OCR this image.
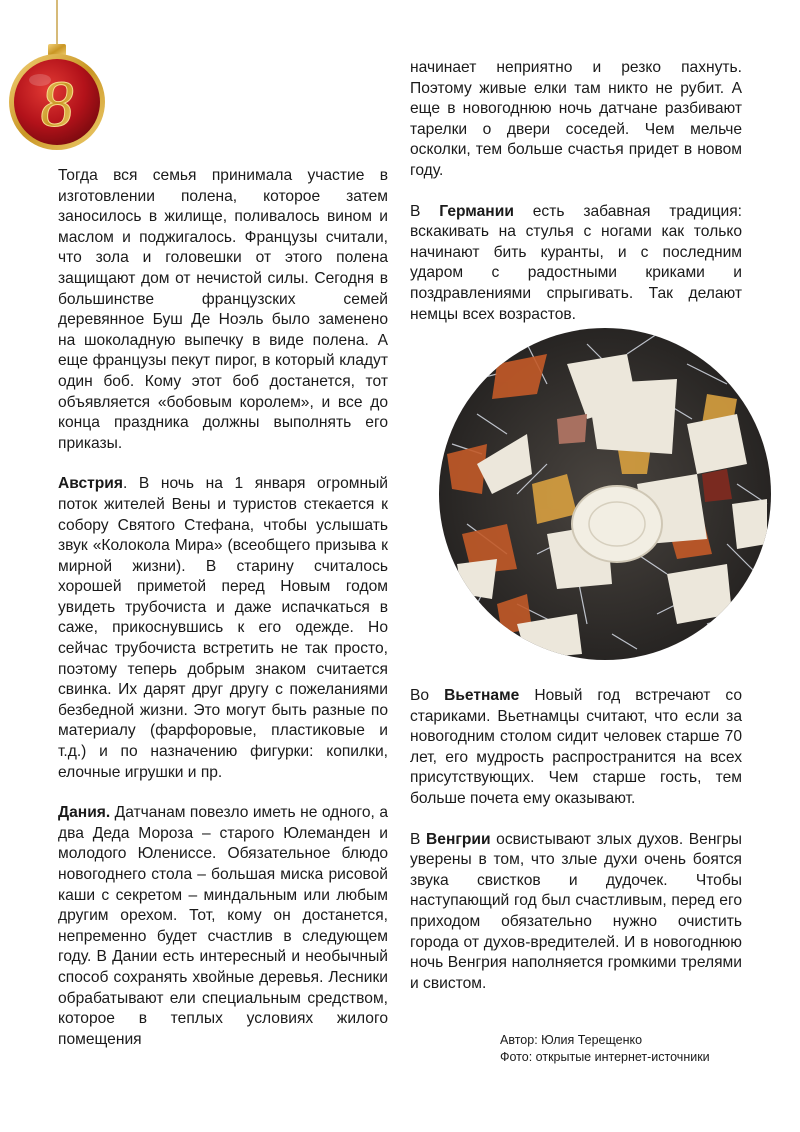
8

Тогда вся семья принимала участие в изготовлении полена, которое затем заносилось в жилище, поливалось вином и маслом и поджигалось. Французы считали, что зола и головешки от этого полена защищают дом от нечистой силы. Сегодня в большинстве французских семей деревянное Буш Де Ноэль было заменено на шоколадную выпечку в виде полена. А еще французы пекут пирог, в который кладут один боб. Кому этот боб достанется, тот объявляется «бобовым королем», и все до конца праздника должны выполнять его приказы.

Австрия. В ночь на 1 января огромный поток жителей Вены и туристов стекается к собору Святого Стефана, чтобы услышать звук «Колокола Мира» (всеобщего призыва к мирной жизни). В старину считалось хорошей приметой перед Новым годом увидеть трубочиста и даже испачкаться в саже, прикоснувшись к его одежде. Но сейчас трубочиста встретить не так просто, поэтому теперь добрым знаком считается свинка. Их дарят друг другу с пожеланиями безбедной жизни. Это могут быть разные по материалу (фарфоровые, пластиковые и т.д.) и по назначению фигурки: копилки, елочные игрушки и пр.

Дания. Датчанам повезло иметь не одного, а два Деда Мороза – старого Юлеманден и молодого Юлениссе. Обязательное блюдо новогоднего стола – большая миска рисовой каши с секретом – миндальным или любым другим орехом. Тот, кому он достанется, непременно будет счастлив в следующем году. В Дании есть интересный и необычный способ сохранять хвойные деревья. Лесники обрабатывают ели специальным средством, которое в теплых условиях жилого помещения

начинает неприятно и резко пахнуть. Поэтому живые елки там никто не рубит. А еще в новогоднюю ночь датчане разбивают тарелки о двери соседей. Чем мельче осколки, тем больше счастья придет в новом году.

В Германии есть забавная традиция: вскакивать на стулья с ногами как только начинают бить куранты, и с последним ударом с радостными криками и поздравлениями спрыгивать. Так делают немцы всех возрастов.

Во Вьетнаме Новый год встречают со стариками. Вьетнамцы считают, что если за новогодним столом сидит человек старше 70 лет, его мудрость распространится на всех присутствующих. Чем старше гость, тем больше почета ему оказывают.

В Венгрии освистывают злых духов. Венгры уверены в том, что злые духи очень боятся звука свистков и дудочек. Чтобы наступающий год был счастливым, перед его приходом обязательно нужно очистить города от духов-вредителей. И в новогоднюю ночь Венгрия наполняется громкими трелями и свистом.

Автор: Юлия Терещенко
Фото: открытые интернет-источники
